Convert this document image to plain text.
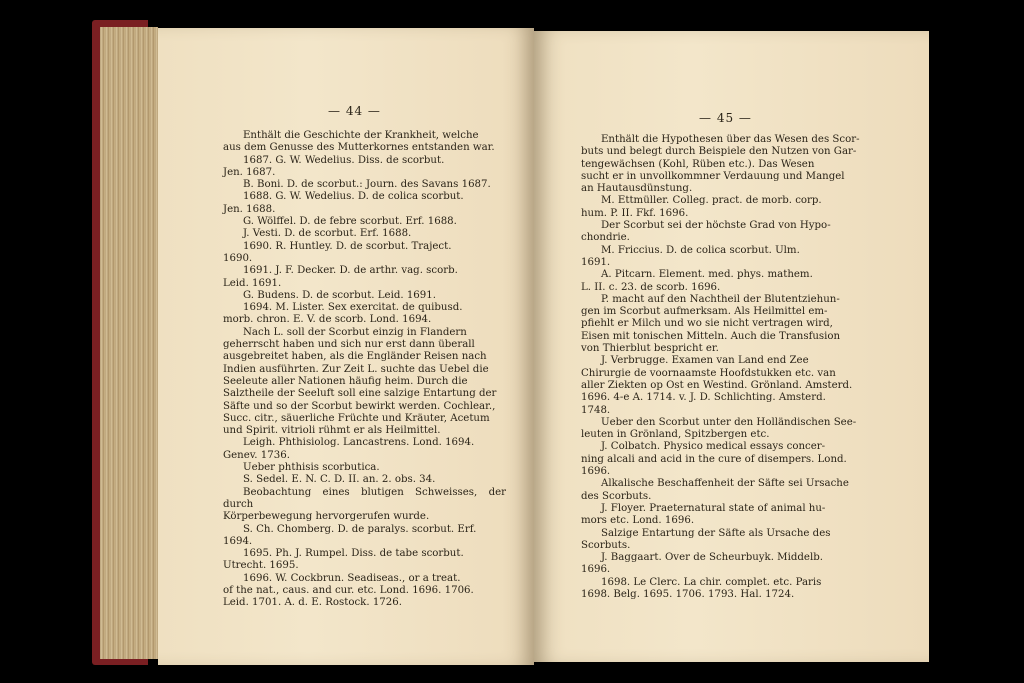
— 44 —

Enthält die Geschichte der Krankheit, welche

aus dem Genusse des Mutterkornes entstanden war.

1687. G. W. Wedelius. Diss. de scorbut.

Jen. 1687.

B. Boni. D. de scorbut.: Journ. des Savans 1687.

1688. G. W. Wedelius. D. de colica scorbut.

Jen. 1688.

G. Wölffel. D. de febre scorbut. Erf. 1688.

J. Vesti. D. de scorbut. Erf. 1688.

1690. R. Huntley. D. de scorbut. Traject.

1690.

1691. J. F. Decker. D. de arthr. vag. scorb.

Leid. 1691.

G. Budens. D. de scorbut. Leid. 1691.

1694. M. Lister. Sex exercitat. de quibusd.

morb. chron. E. V. de scorb. Lond. 1694.

Nach L. soll der Scorbut einzig in Flandern

geherrscht haben und sich nur erst dann überall

ausgebreitet haben, als die Engländer Reisen nach

Indien ausführten. Zur Zeit L. suchte das Uebel die

Seeleute aller Nationen häufig heim. Durch die

Salztheile der Seeluft soll eine salzige Entartung der

Säfte und so der Scorbut bewirkt werden. Cochlear.,

Succ. citr., säuerliche Früchte und Kräuter, Acetum

und Spirit. vitrioli rühmt er als Heilmittel.

Leigh. Phthisiolog. Lancastrens. Lond. 1694.

Genev. 1736.

Ueber phthisis scorbutica.

S. Sedel. E. N. C. D. II. an. 2. obs. 34.

Beobachtung eines blutigen Schweisses, der durch

Körperbewegung hervorgerufen wurde.

S. Ch. Chomberg. D. de paralys. scorbut. Erf.

1694.

1695. Ph. J. Rumpel. Diss. de tabe scorbut.

Utrecht. 1695.

1696. W. Cockbrun. Seadiseas., or a treat.

of the nat., caus. and cur. etc. Lond. 1696. 1706.

Leid. 1701. A. d. E. Rostock. 1726.

— 45 —

Enthält die Hypothesen über das Wesen des Scor-

buts und belegt durch Beispiele den Nutzen von Gar-

tengewächsen (Kohl, Rüben etc.). Das Wesen

sucht er in unvollkommner Verdauung und Mangel

an Hautausdünstung.

M. Ettmüller. Colleg. pract. de morb. corp.

hum. P. II. Fkf. 1696.

Der Scorbut sei der höchste Grad von Hypo-

chondrie.

M. Friccius. D. de colica scorbut. Ulm.

1691.

A. Pitcarn. Element. med. phys. mathem.

L. II. c. 23. de scorb. 1696.

P. macht auf den Nachtheil der Blutentziehun-

gen im Scorbut aufmerksam. Als Heilmittel em-

pfiehlt er Milch und wo sie nicht vertragen wird,

Eisen mit tonischen Mitteln. Auch die Transfusion

von Thierblut bespricht er.

J. Verbrugge. Examen van Land end Zee

Chirurgie de voornaamste Hoofdstukken etc. van

aller Ziekten op Ost en Westind. Grönland. Amsterd.

1696. 4-e A. 1714. v. J. D. Schlichting. Amsterd.

1748.

Ueber den Scorbut unter den Holländischen See-

leuten in Grönland, Spitzbergen etc.

J. Colbatch. Physico medical essays concer-

ning alcali and acid in the cure of disempers. Lond.

1696.

Alkalische Beschaffenheit der Säfte sei Ursache

des Scorbuts.

J. Floyer. Praeternatural state of animal hu-

mors etc. Lond. 1696.

Salzige Entartung der Säfte als Ursache des

Scorbuts.

J. Baggaart. Over de Scheurbuyk. Middelb.

1696.

1698. Le Clerc. La chir. complet. etc. Paris

1698. Belg. 1695. 1706. 1793. Hal. 1724.
